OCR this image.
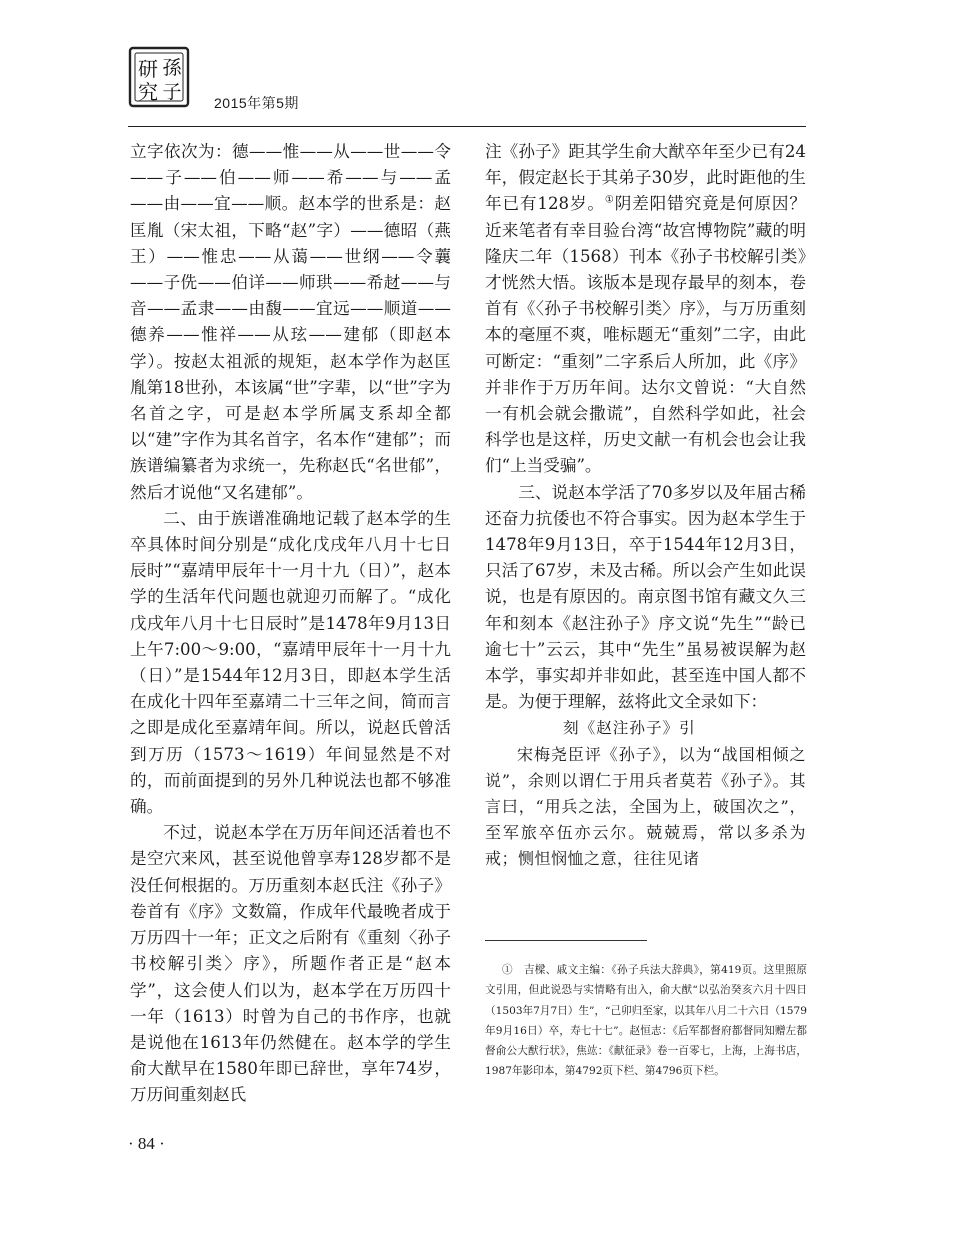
研 孫
究 子 2015年第5期

立字依次为：德——惟——从——世——令——子——伯——师——希——与——孟——由——宜——顺。赵本学的世系是：赵匡胤（宋太祖，下略“赵”字）——德昭（燕王）——惟忠——从蔼——世纲——令蘘——子侁——伯详——师珙——希䞗——与音——孟隶——由馥——宜远——顺道——德养——惟祥——从玹——建郁（即赵本学）。按赵太祖派的规矩，赵本学作为赵匡胤第18世孙，本该属“世”字辈，以“世”字为名首之字，可是赵本学所属支系却全都以“建”字作为其名首字，名本作“建郁”；而族谱编纂者为求统一，先称赵氏“名世郁”，然后才说他“又名建郁”。

二、由于族谱准确地记载了赵本学的生卒具体时间分别是“成化戊戌年八月十七日辰时”“嘉靖甲辰年十一月十九（日）”，赵本学的生活年代问题也就迎刃而解了。“成化戊戌年八月十七日辰时”是1478年9月13日上午7:00～9:00，“嘉靖甲辰年十一月十九（日）”是1544年12月3日，即赵本学生活在成化十四年至嘉靖二十三年之间，简而言之即是成化至嘉靖年间。所以，说赵氏曾活到万历（1573～1619）年间显然是不对的，而前面提到的另外几种说法也都不够准确。

不过，说赵本学在万历年间还活着也不是空穴来风，甚至说他曾享寿128岁都不是没任何根据的。万历重刻本赵氏注《孙子》卷首有《序》文数篇，作成年代最晚者成于万历四十一年；正文之后附有《重刻〈孙子书校解引类〉序》，所题作者正是“赵本学”，这会使人们以为，赵本学在万历四十一年（1613）时曾为自己的书作序，也就是说他在1613年仍然健在。赵本学的学生俞大猷早在1580年即已辞世，享年74岁，万历间重刻赵氏

注《孙子》距其学生俞大猷卒年至少已有24年，假定赵长于其弟子30岁，此时距他的生年已有128岁。①阴差阳错究竟是何原因？近来笔者有幸目验台湾“故宫博物院”藏的明隆庆二年（1568）刊本《孙子书校解引类》才恍然大悟。该版本是现存最早的刻本，卷首有《〈孙子书校解引类〉序》，与万历重刻本的毫厘不爽，唯标题无“重刻”二字，由此可断定：“重刻”二字系后人所加，此《序》并非作于万历年间。达尔文曾说：“大自然一有机会就会撒谎”，自然科学如此，社会科学也是这样，历史文献一有机会也会让我们“上当受骗”。

三、说赵本学活了70多岁以及年届古稀还奋力抗倭也不符合事实。因为赵本学生于1478年9月13日，卒于1544年12月3日，只活了67岁，未及古稀。所以会产生如此误说，也是有原因的。南京图书馆有藏文久三年和刻本《赵注孙子》序文说“先生”“龄已逾七十”云云，其中“先生”虽易被误解为赵本学，事实却并非如此，甚至连中国人都不是。为便于理解，兹将此文全录如下：

刻《赵注孙子》引

宋梅尧臣评《孙子》，以为“战国相倾之说”，余则以谓仁于用兵者莫若《孙子》。其言曰，“用兵之法，全国为上，破国次之”，至军旅卒伍亦云尔。兢兢焉，常以多杀为戒；恻怛悯恤之意，往往见诸

①　吉樑、戚文主编：《孙子兵法大辞典》，第419页。这里照原文引用，但此说恐与实情略有出入，俞大猷“以弘治癸亥六月十四日（1503年7月7日）生”，“己卯归至家，以其年八月二十六日（1579年9月16日）卒，寿七十七”。赵恒志：《后军都督府都督同知赠左都督俞公大猷行状》，焦竑：《献征录》卷一百零七，上海，上海书店，1987年影印本，第4792页下栏、第4796页下栏。

· 84 ·
